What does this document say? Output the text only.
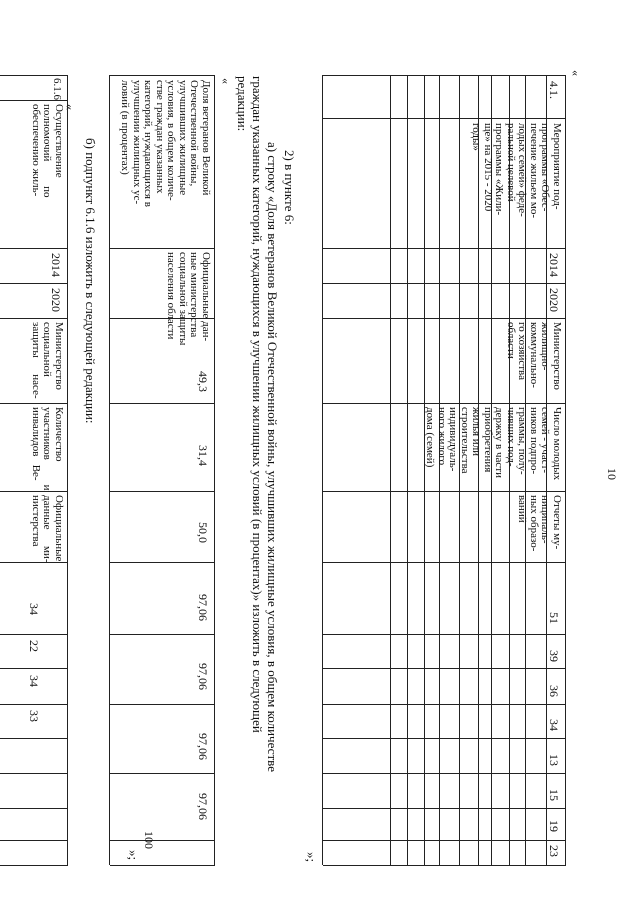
10
«
4.1.
Мероприятие под-
программы «Обес-
печение жильем мо-
лодых семей» феде-
ральной целевой
программы «Жили-
ще» на 2015 - 2020
годы»
2014
2020
Министерство
жилищно-
коммунально-
го хозяйства
области
Число молодых
семей - участ-
ников подпро-
граммы, полу-
чивших под-
держку в части
приобретения
жилья или
строительства
индивидуаль-
ного жилого
дома (семей)
Отчеты му-
ниципаль-
ных образо-
ваний
51
39
36
34
13
15
19
23
»;
2) в пункте 6:
а) строку «Доля ветеранов Великой Отечественной войны, улучшивших жилищные условия, в общем количестве
граждан указанных категорий, нуждающихся в улучшении жилищных условий (в процентах)» изложить в следующей
редакции:
«
Доля ветеранов Великой
Отечественной войны,
улучшивших жилищные
условия, в общем количе-
стве граждан указанных
категорий, нуждающихся в
улучшении жилищных ус-
ловий (в процентах)
Официальные дан-
ные министерства
социальной защиты
населения области
49,3
31,4
50,0
97,06
97,06
97,06
97,06
100
»;
б) подпункт 6.1.6 изложить в следующей редакции:
«
6.1.6
Осуществление
полномочий         по
обеспечению жиль-
2014
2020
Министерство
социальной
защиты      насе-
Количество
участников         и
инвалидов   Ве-
Официальные
данные      ми-
нистерства
34
22
34
33
